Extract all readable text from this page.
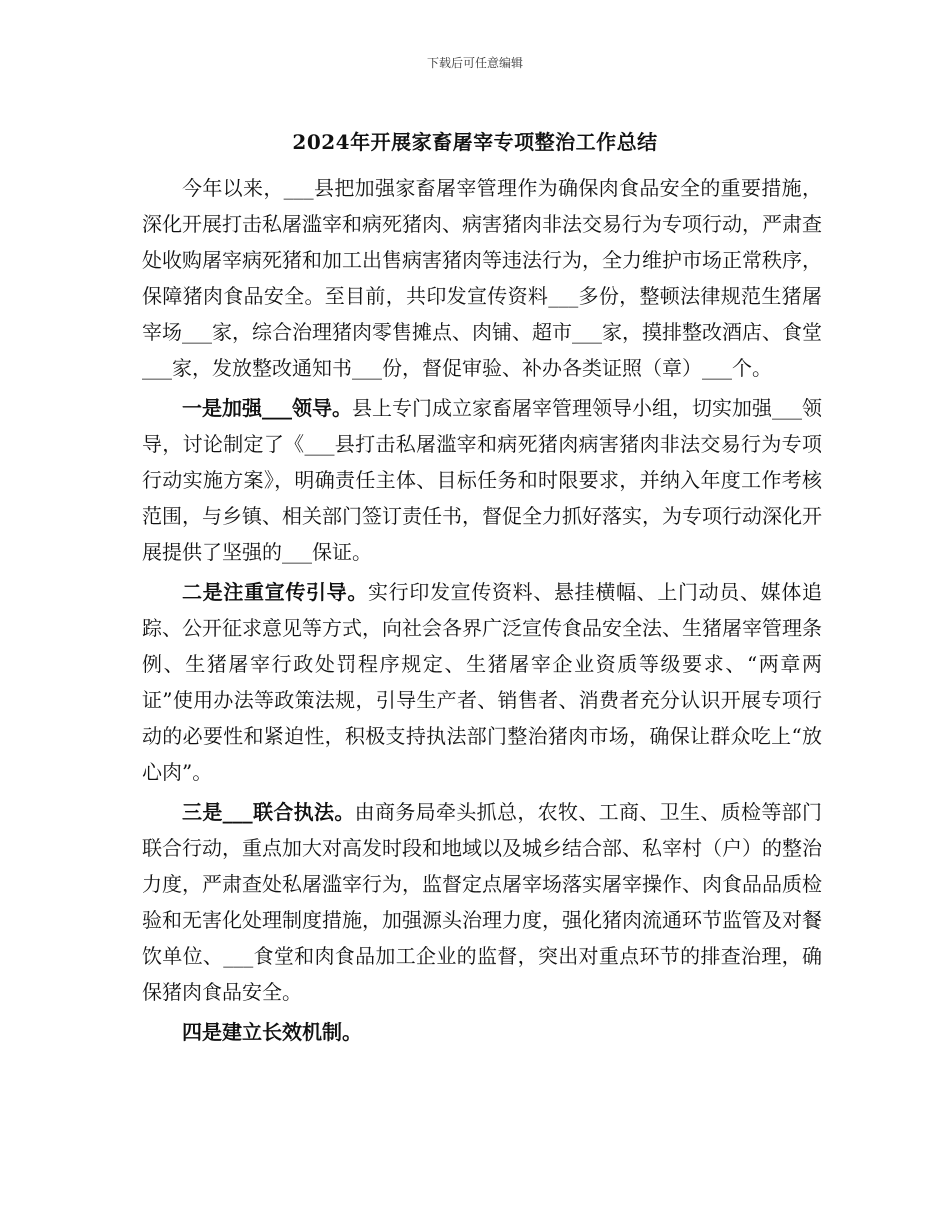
下载后可任意编辑
2024年开展家畜屠宰专项整治工作总结

今年以来，___县把加强家畜屠宰管理作为确保肉食品安全的重要措施，深化开展打击私屠滥宰和病死猪肉、病害猪肉非法交易行为专项行动，严肃查处收购屠宰病死猪和加工出售病害猪肉等违法行为，全力维护市场正常秩序，保障猪肉食品安全。至目前，共印发宣传资料___多份，整顿法律规范生猪屠宰场___家，综合治理猪肉零售摊点、肉铺、超市___家，摸排整改酒店、食堂___家，发放整改通知书___份，督促审验、补办各类证照（章）___个。

一是加强___领导。县上专门成立家畜屠宰管理领导小组，切实加强___领导，讨论制定了《___县打击私屠滥宰和病死猪肉病害猪肉非法交易行为专项行动实施方案》，明确责任主体、目标任务和时限要求，并纳入年度工作考核范围，与乡镇、相关部门签订责任书，督促全力抓好落实，为专项行动深化开展提供了坚强的___保证。

二是注重宣传引导。实行印发宣传资料、悬挂横幅、上门动员、媒体追踪、公开征求意见等方式，向社会各界广泛宣传食品安全法、生猪屠宰管理条例、生猪屠宰行政处罚程序规定、生猪屠宰企业资质等级要求、“两章两证”使用办法等政策法规，引导生产者、销售者、消费者充分认识开展专项行动的必要性和紧迫性，积极支持执法部门整治猪肉市场，确保让群众吃上“放心肉”。

三是___联合执法。由商务局牵头抓总，农牧、工商、卫生、质检等部门联合行动，重点加大对高发时段和地域以及城乡结合部、私宰村（户）的整治力度，严肃查处私屠滥宰行为，监督定点屠宰场落实屠宰操作、肉食品品质检验和无害化处理制度措施，加强源头治理力度，强化猪肉流通环节监管及对餐饮单位、___食堂和肉食品加工企业的监督，突出对重点环节的排查治理，确保猪肉食品安全。

四是建立长效机制。
